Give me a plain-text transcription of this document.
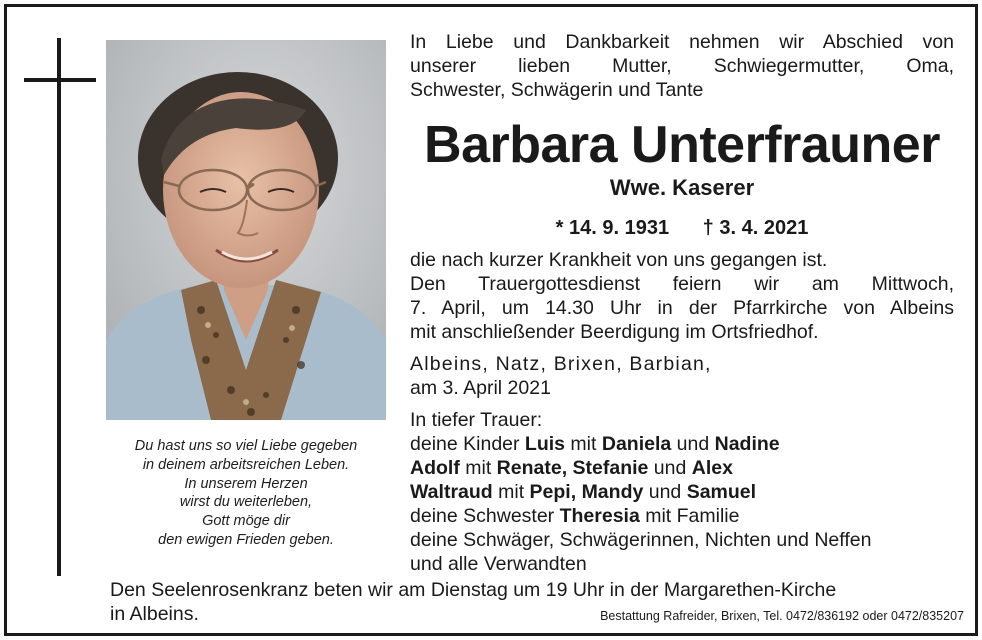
Du hast uns so viel Liebe gegeben
in deinem arbeitsreichen Leben.
In unserem Herzen
wirst du weiterleben,
Gott möge dir
den ewigen Frieden geben.
In Liebe und Dankbarkeit nehmen wir Abschied von
unserer lieben Mutter, Schwiegermutter, Oma,
Schwester, Schwägerin und Tante
Barbara Unterfrauner
Wwe. Kaserer
* 14. 9. 1931 † 3. 4. 2021
die nach kurzer Krankheit von uns gegangen ist.
Den Trauergottesdienst feiern wir am Mittwoch,
7. April, um 14.30 Uhr in der Pfarrkirche von Albeins
mit anschließender Beerdigung im Ortsfriedhof.
Albeins, Natz, Brixen, Barbian,
am 3. April 2021
In tiefer Trauer:
deine Kinder Luis mit Daniela und Nadine
Adolf mit Renate, Stefanie und Alex
Waltraud mit Pepi, Mandy und Samuel
deine Schwester Theresia mit Familie
deine Schwäger, Schwägerinnen, Nichten und Neffen
und alle Verwandten
Den Seelenrosenkranz beten wir am Dienstag um 19 Uhr in der Margarethen-Kirche
in Albeins.	Bestattung Rafreider, Brixen, Tel. 0472/836192 oder 0472/835207
